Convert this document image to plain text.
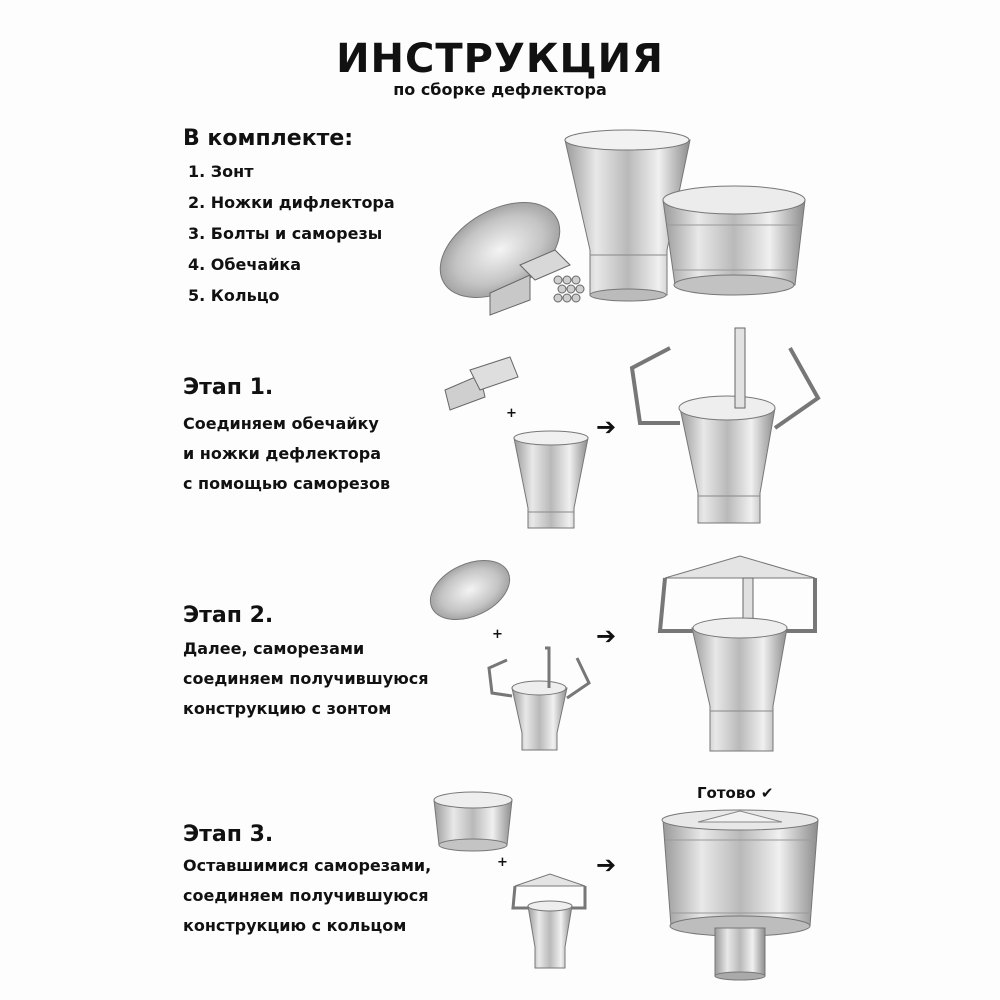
ИНСТРУКЦИЯ
по сборке дефлектора
В комплекте:
1. Зонт
2. Ножки дифлектора
3. Болты и саморезы
4. Обечайка
5. Кольцо
Этап 1.
Соединяем обечайку
и ножки дефлектора
с помощью саморезов
+	➔
Этап 2.
Далее, саморезами
соединяем получившуюся
конструкцию с зонтом
+	➔
Этап 3.
Оставшимися саморезами,
соединяем получившуюся
конструкцию с кольцом
+	➔
Готово ✔
